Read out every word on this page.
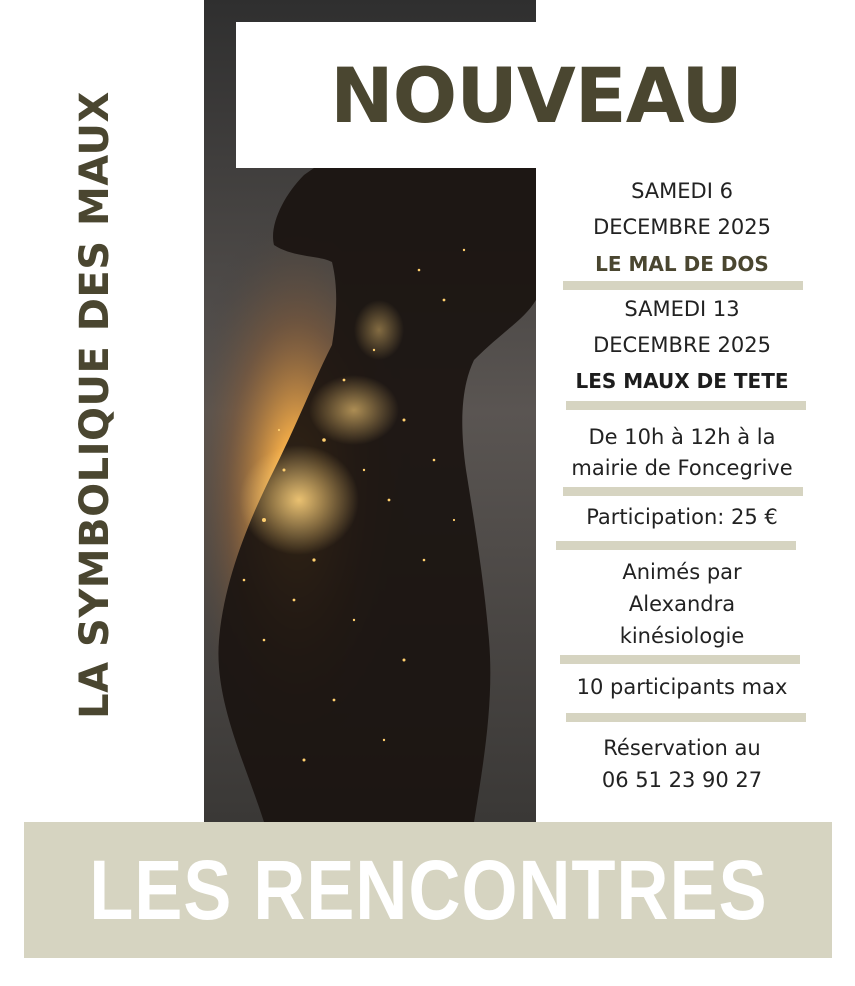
NOUVEAU
LA SYMBOLIQUE DES MAUX	SAMEDI 6
DECEMBRE 2025
LE MAL DE DOS
SAMEDI 13
DECEMBRE 2025
LES MAUX DE TETE
De 10h à 12h à la
mairie de Foncegrive
Participation: 25 €
Animés par
Alexandra
kinésiologie
10 participants max
Réservation au
06 51 23 90 27
LES RENCONTRES
